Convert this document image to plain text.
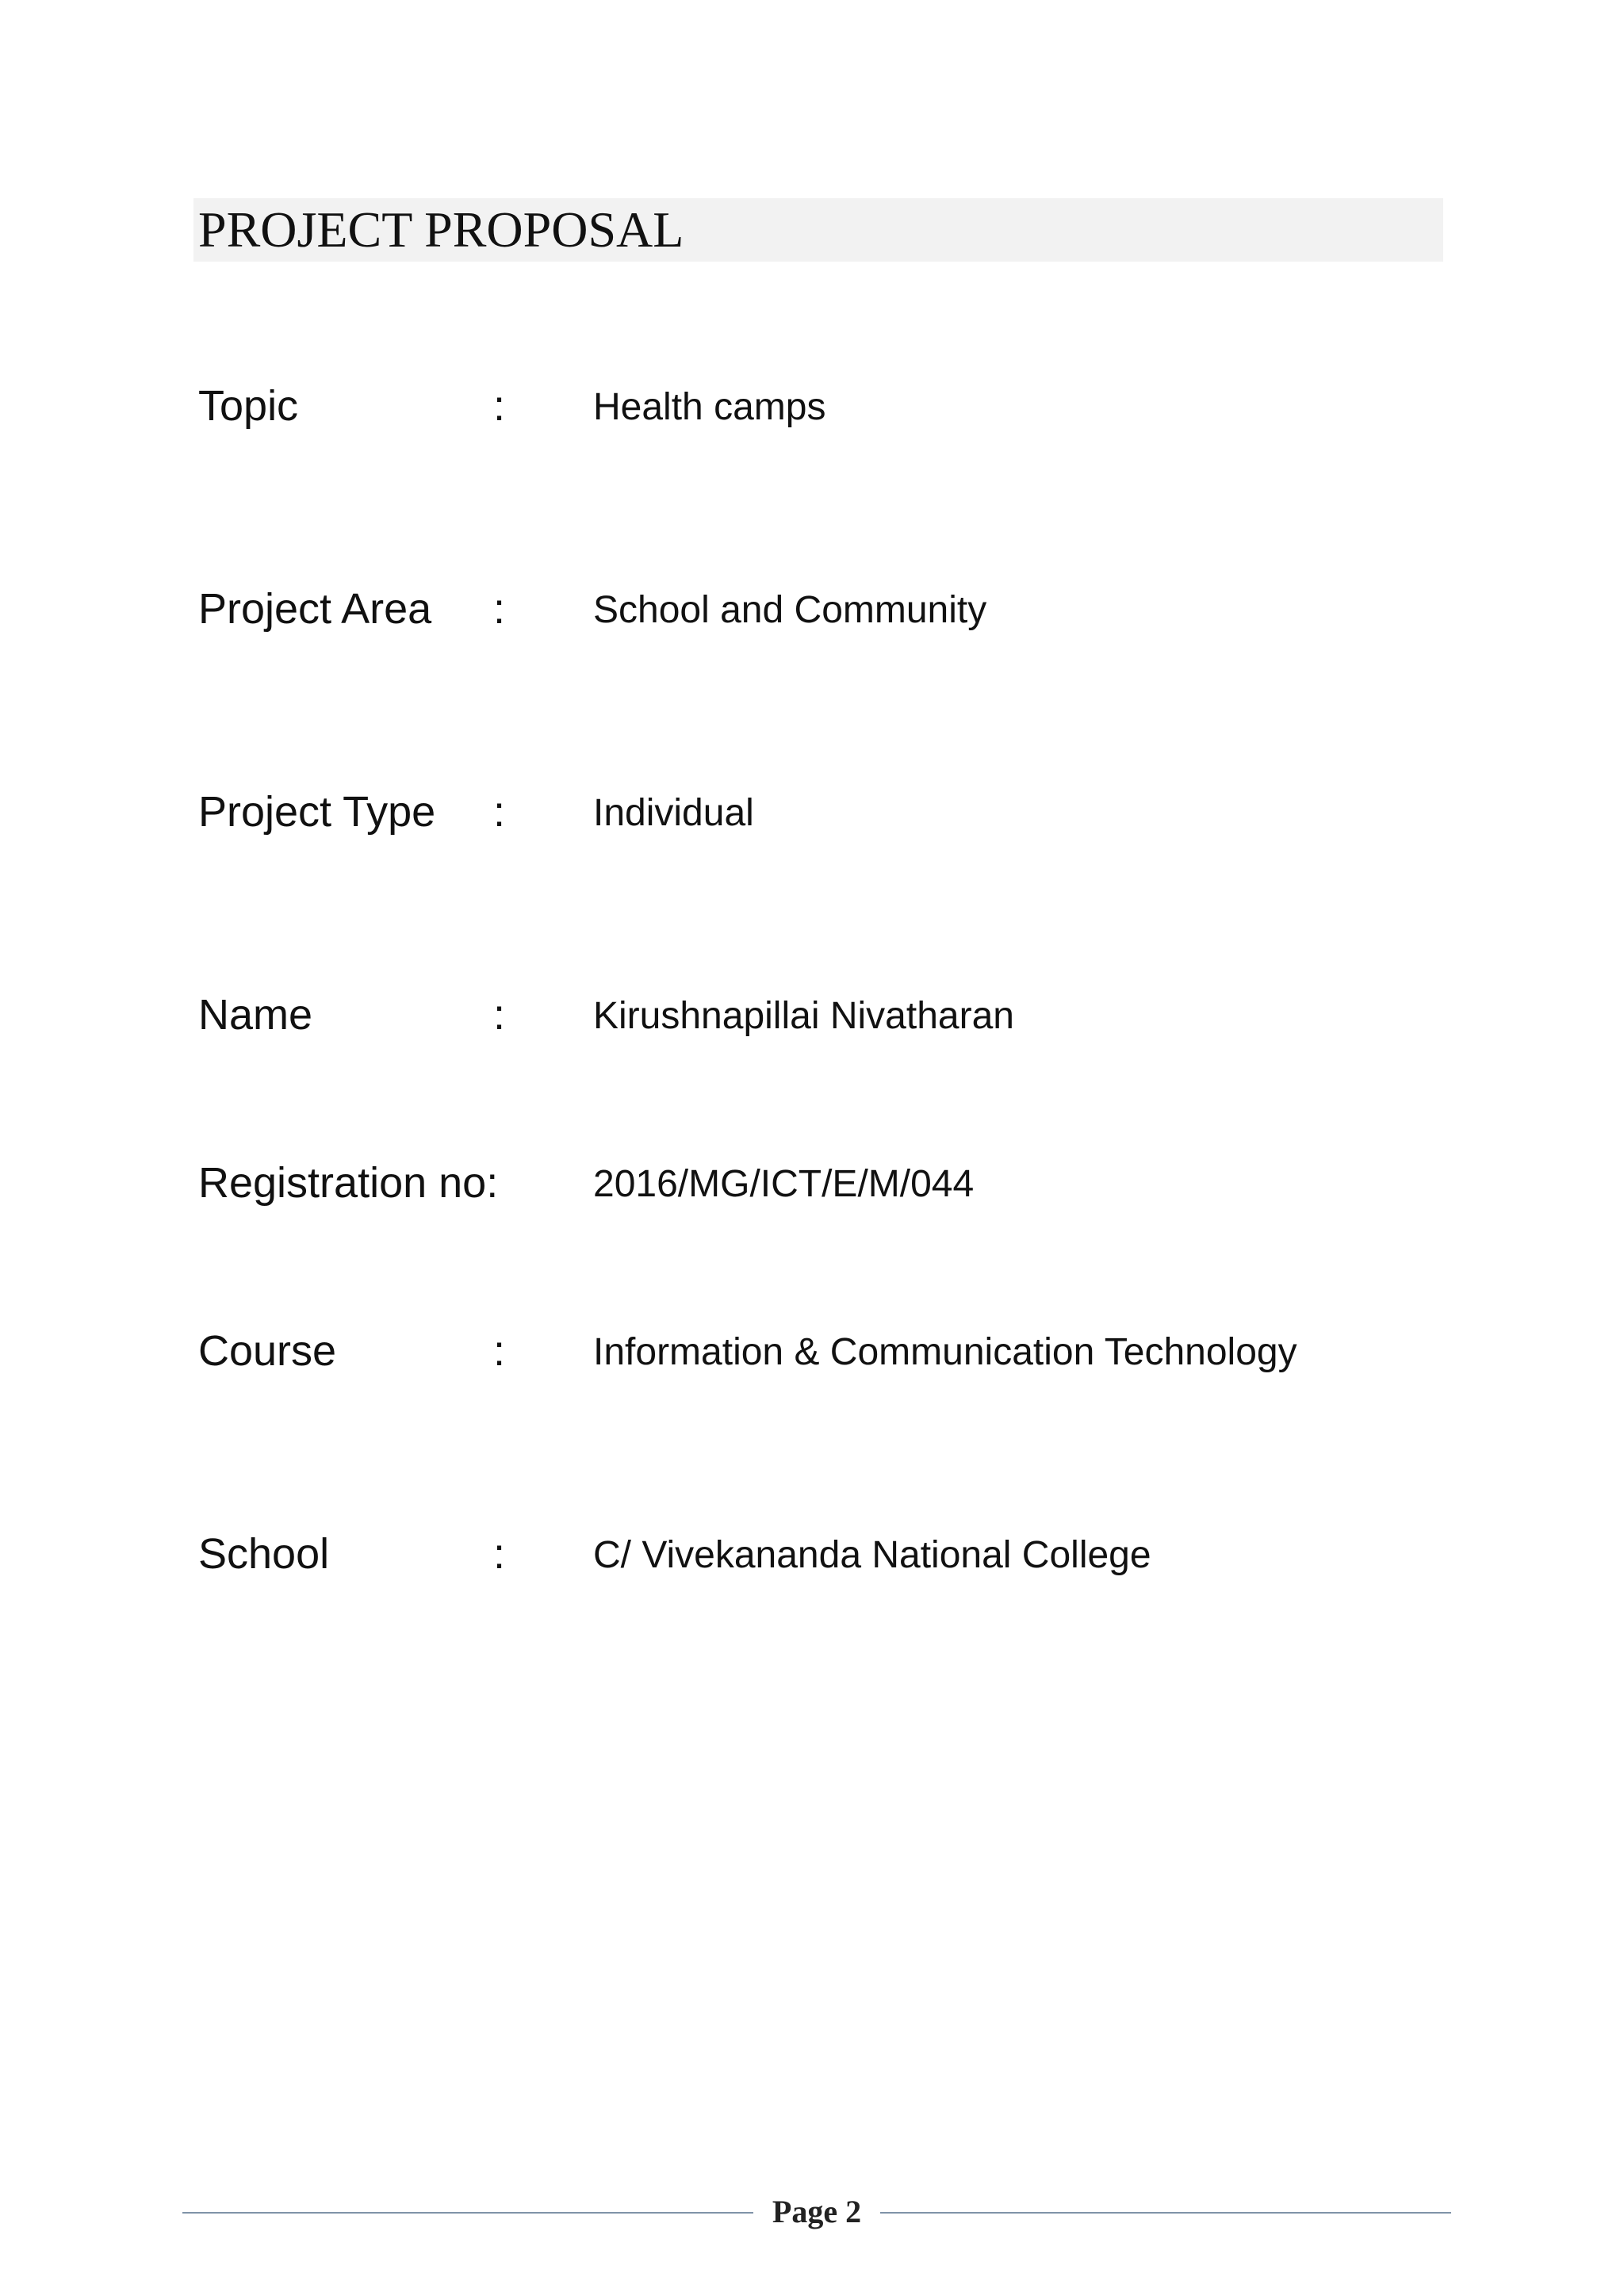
PROJECT PROPOSAL
Topic	: Health camps
Project Area : School and Community
Project Type : Individual
Name	: Kirushnapillai Nivatharan
Registration no: 2016/MG/ICT/E/M/044
Course	: Information & Communication Technology
School	: C/ Vivekananda National College
Page 2
